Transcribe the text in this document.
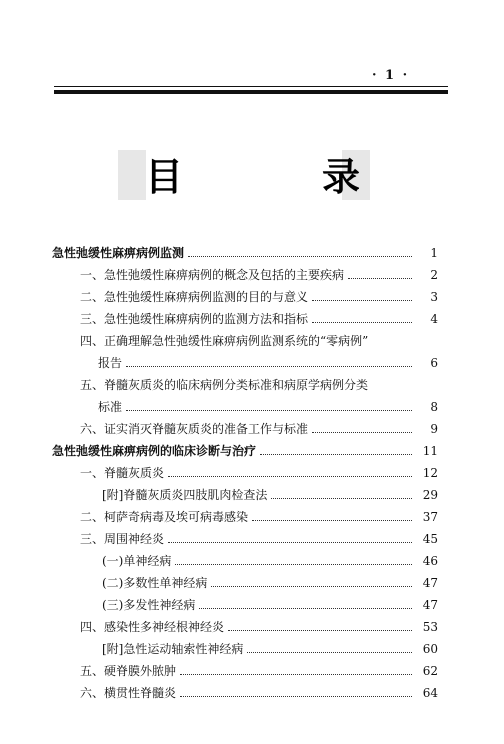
· 1 ·
目	录
急性弛缓性麻痹病例监测	1
一、急性弛缓性麻痹病例的概念及包括的主要疾病	2
二、急性弛缓性麻痹病例监测的目的与意义	3
三、急性弛缓性麻痹病例的监测方法和指标	4
四、正确理解急性弛缓性麻痹病例监测系统的“零病例”
报告	6
五、脊髓灰质炎的临床病例分类标准和病原学病例分类
标准	8
六、证实消灭脊髓灰质炎的准备工作与标准	9
急性弛缓性麻痹病例的临床诊断与治疗	11
一、脊髓灰质炎	12
[附]脊髓灰质炎四肢肌肉检查法	29
二、柯萨奇病毒及埃可病毒感染	37
三、周围神经炎	45
(一)单神经病	46
(二)多数性单神经病	47
(三)多发性神经病	47
四、感染性多神经根神经炎	53
[附]急性运动轴索性神经病	60
五、硬脊膜外脓肿	62
六、横贯性脊髓炎	64
